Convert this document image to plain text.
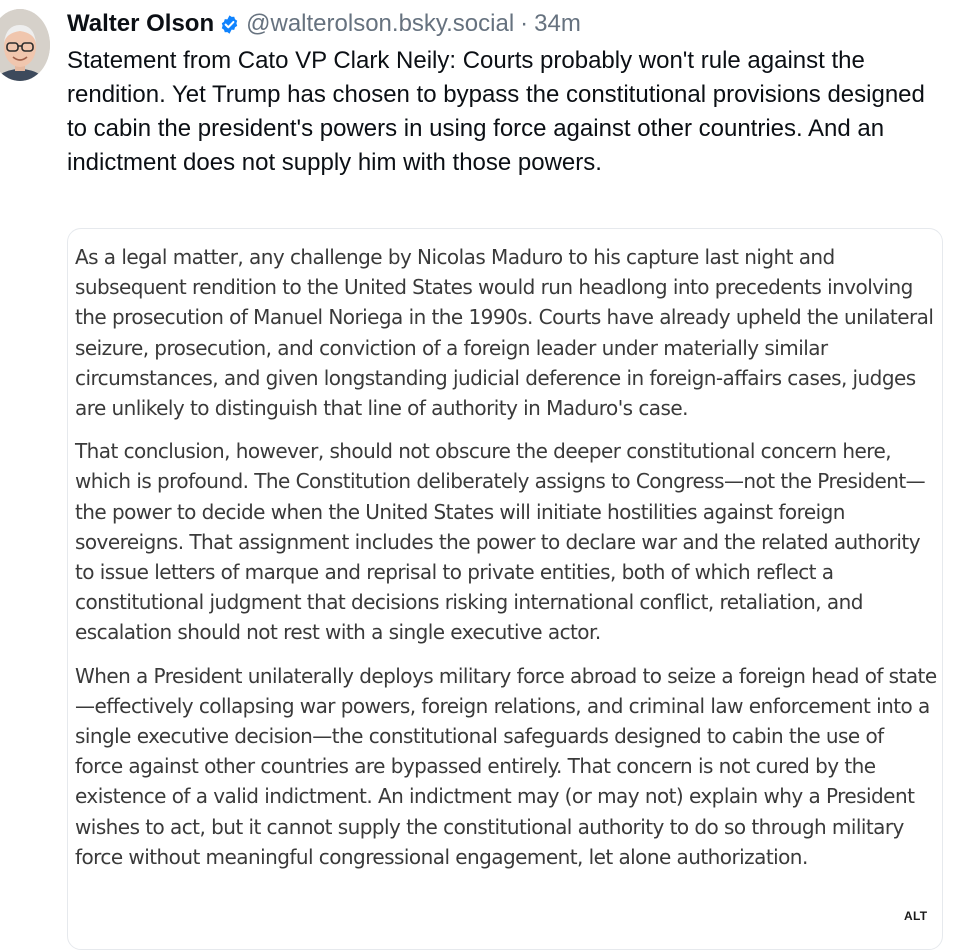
Walter Olson @walterolson.bsky.social · 34m

Statement from Cato VP Clark Neily: Courts probably won't rule against the rendition. Yet Trump has chosen to bypass the constitutional provisions designed to cabin the president's powers in using force against other countries. And an indictment does not supply him with those powers.

As a legal matter, any challenge by Nicolas Maduro to his capture last night and subsequent rendition to the United States would run headlong into precedents involving the prosecution of Manuel Noriega in the 1990s. Courts have already upheld the unilateral seizure, prosecution, and conviction of a foreign leader under materially similar circumstances, and given longstanding judicial deference in foreign-affairs cases, judges are unlikely to distinguish that line of authority in Maduro's case.

That conclusion, however, should not obscure the deeper constitutional concern here, which is profound. The Constitution deliberately assigns to Congress—not the President—the power to decide when the United States will initiate hostilities against foreign sovereigns. That assignment includes the power to declare war and the related authority to issue letters of marque and reprisal to private entities, both of which reflect a constitutional judgment that decisions risking international conflict, retaliation, and escalation should not rest with a single executive actor.

When a President unilaterally deploys military force abroad to seize a foreign head of state—effectively collapsing war powers, foreign relations, and criminal law enforcement into a single executive decision—the constitutional safeguards designed to cabin the use of force against other countries are bypassed entirely. That concern is not cured by the existence of a valid indictment. An indictment may (or may not) explain why a President wishes to act, but it cannot supply the constitutional authority to do so through military force without meaningful congressional engagement, let alone authorization.

ALT
